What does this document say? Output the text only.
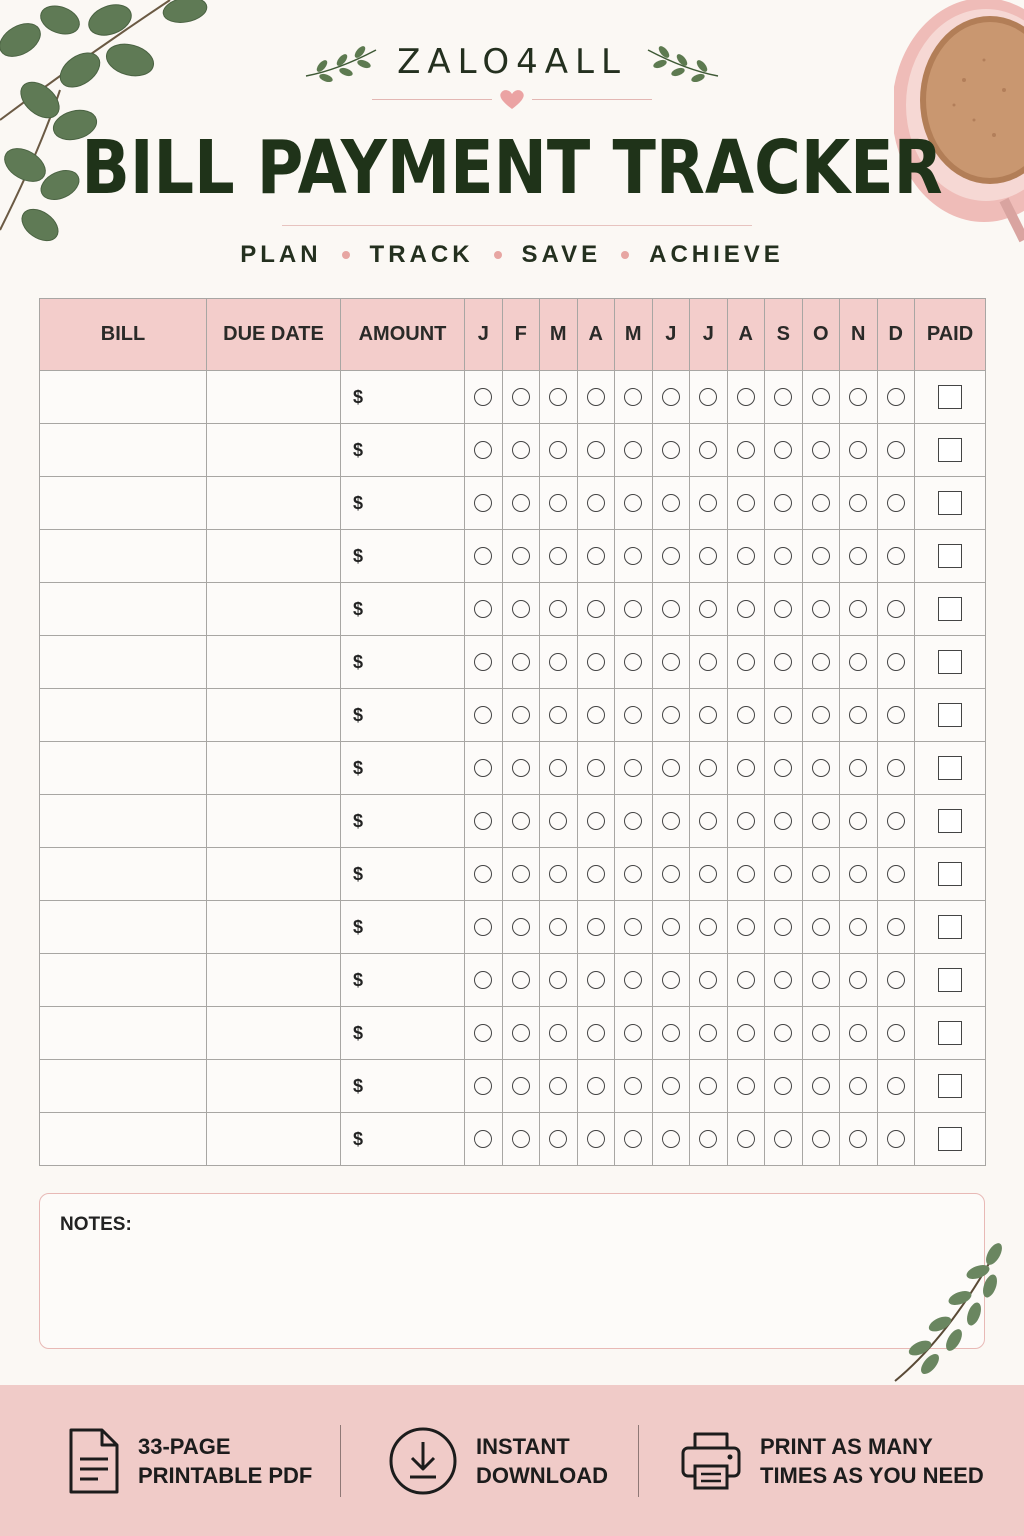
ZALO4ALL
BILL PAYMENT TRACKER
PLAN TRACK SAVE ACHIEVE
BILL	DUE DATE	AMOUNT	J	F	M	A	M	J	J	A	S	O	N	D	PAID
		$													
		$													
		$													
		$													
		$													
		$													
		$													
		$													
		$													
		$													
		$													
		$													
		$													
		$													
		$													
NOTES:
33-PAGE
PRINTABLE PDF
INSTANT
DOWNLOAD
PRINT AS MANY
TIMES AS YOU NEED
